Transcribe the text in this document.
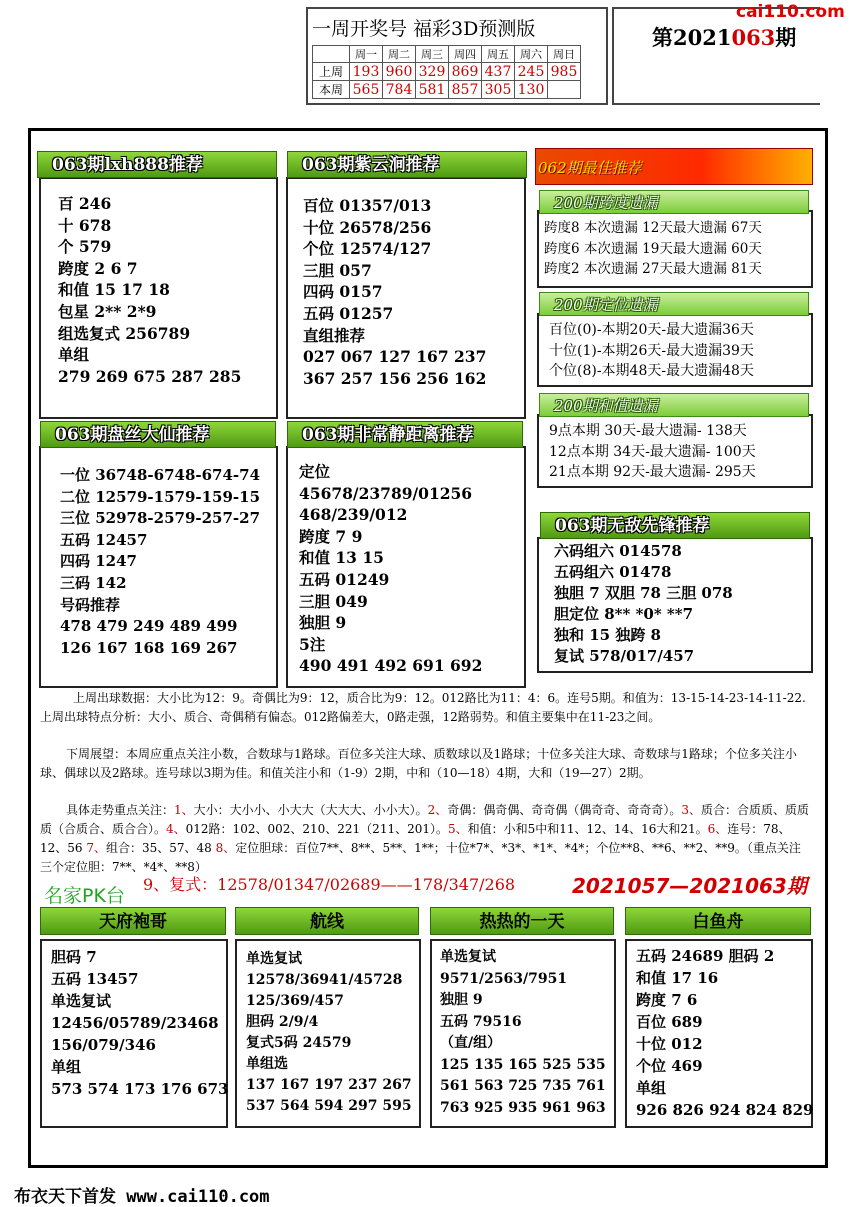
一周开奖号 福彩3D预测版
	周一	周二	周三	周四	周五	周六	周日
上周	193	960	329	869	437	245	985
本周	565	784	581	857	305	130	
第2021063期
cai110.com
063期lxh888推荐
百 246
十 678
个 579
跨度 2 6 7
和值 15 17 18
包星 2** 2*9
组选复式 256789
单组
279 269 675 287 285
063期紫云涧推荐
百位 01357/013
十位 26578/256
个位 12574/127
三胆 057
四码 0157
五码 01257
直组推荐
027 067 127 167 237
367 257 156 256 162
063期盘丝大仙推荐
一位 36748-6748-674-74
二位 12579-1579-159-15
三位 52978-2579-257-27
五码 12457
四码 1247
三码 142
号码推荐
478 479 249 489 499
126 167 168 169 267
063期非常静距离推荐
定位
45678/23789/01256
468/239/012
跨度 7 9
和值 13 15
五码 01249
三胆 049
独胆 9
5注
490 491 492 691 692
062期最佳推荐
200期跨度遗漏
跨度8 本次遗漏 12天最大遗漏 67天
跨度6 本次遗漏 19天最大遗漏 60天
跨度2 本次遗漏 27天最大遗漏 81天
200期定位遗漏
百位(0)-本期20天-最大遗漏36天
十位(1)-本期26天-最大遗漏39天
个位(8)-本期48天-最大遗漏48天
200期和值遗漏
9点本期 30天-最大遗漏- 138天
12点本期 34天-最大遗漏- 100天
21点本期 92天-最大遗漏- 295天
063期无敌先锋推荐
六码组六 014578
五码组六 01478
独胆 7 双胆 78 三胆 078
胆定位 8** *0* **7
独和 15 独跨 8
复试 578/017/457
上周出球数据：大小比为12：9。奇偶比为9：12，质合比为9：12。012路比为11：4：6。连号5期。和值为：13-15-14-23-14-11-22.上周出球特点分析：大小、质合、奇偶稍有偏态。012路偏差大，0路走强，12路弱势。和值主要集中在11-23之间。
下周展望：本周应重点关注小数，合数球与1路球。百位多关注大球、质数球以及1路球；十位多关注大球、奇数球与1路球；个位多关注小球、偶球以及2路球。连号球以3期为佳。和值关注小和（1-9）2期，中和（10—18）4期，大和（19—27）2期。
具体走势重点关注：1、大小：大小小、小大大（大大大、小小大）。2、奇偶：偶奇偶、奇奇偶（偶奇奇、奇奇奇）。3、质合：合质质、质质质（合质合、质合合）。4、012路：102、002、210、221（211、201）。5、和值：小和5中和11、12、14、16大和21。6、连号：78、12、56 7、组合：35、57、48 8、定位胆球：百位7**、8**、5**、1**；十位*7*、*3*、*1*、*4*；个位**8、**6、**2、**9。（重点关注三个定位胆：7**、*4*、**8）
名家PK台
9、复式：12578/01347/02689——178/347/268	2021057—2021063期
天府袍哥
胆码 7
五码 13457
单选复试
12456/05789/23468
156/079/346
单组
573 574 173 176 673
航线
单选复试
12578/36941/45728
125/369/457
胆码 2/9/4
复式5码 24579
单组选
137 167 197 237 267
537 564 594 297 595
热热的一天
单选复试
9571/2563/7951
独胆 9
五码 79516
（直/组）
125 135 165 525 535
561 563 725 735 761
763 925 935 961 963
白鱼舟
五码 24689 胆码 2
和值 17 16
跨度 7 6
百位 689
十位 012
个位 469
单组
926 826 924 824 829
布衣天下首发 www.cai110.com
